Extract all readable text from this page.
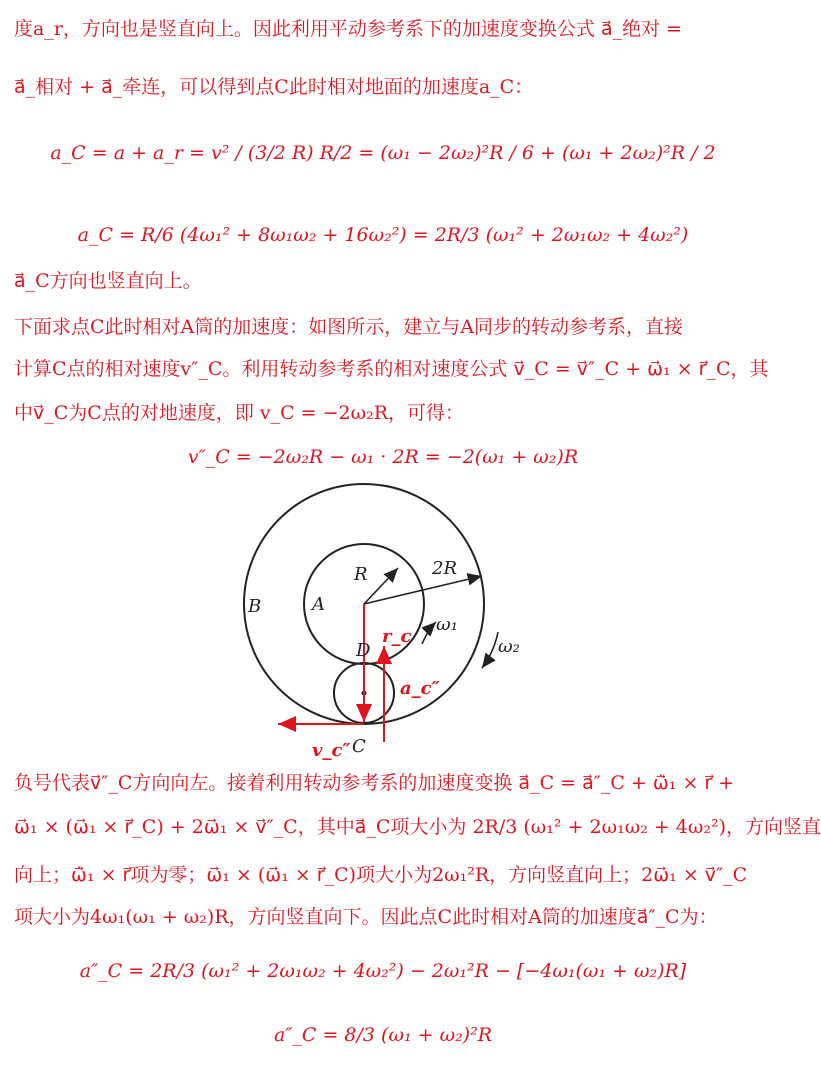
度a_r，方向也是竖直向上。因此利用平动参考系下的加速度变换公式 a⃗_绝对 =
a⃗_相对 + a⃗_牵连，可以得到点C此时相对地面的加速度a_C：
a_C = a + a_r = v² / (3/2 R) R/2 = (ω₁ − 2ω₂)²R / 6 + (ω₁ + 2ω₂)²R / 2
a_C = R/6 (4ω₁² + 8ω₁ω₂ + 16ω₂²) = 2R/3 (ω₁² + 2ω₁ω₂ + 4ω₂²)
a⃗_C方向也竖直向上。
下面求点C此时相对A筒的加速度：如图所示，建立与A同步的转动参考系，直接
计算C点的相对速度v″_C。利用转动参考系的相对速度公式 v⃗_C = v⃗″_C + ω⃗₁ × r⃗_C，其
中v⃗_C为C点的对地速度，即 v_C = −2ω₂R，可得：
v″_C = −2ω₂R − ω₁ · 2R = −2(ω₁ + ω₂)R
R	2R
A
B
D
C
ω₁
ω₂
r_c
a_c″
v_c″
负号代表v⃗″_C方向向左。接着利用转动参考系的加速度变换 a⃗_C = a⃗″_C + ω̇⃗₁ × r⃗ +
ω⃗₁ × (ω⃗₁ × r⃗_C) + 2ω⃗₁ × v⃗″_C，其中a⃗_C项大小为 2R/3 (ω₁² + 2ω₁ω₂ + 4ω₂²)，方向竖直
向上；ω̇⃗₁ × r⃗项为零；ω⃗₁ × (ω⃗₁ × r⃗_C)项大小为2ω₁²R，方向竖直向上；2ω⃗₁ × v⃗″_C
项大小为4ω₁(ω₁ + ω₂)R，方向竖直向下。因此点C此时相对A筒的加速度a⃗″_C为：
a″_C = 2R/3 (ω₁² + 2ω₁ω₂ + 4ω₂²) − 2ω₁²R − [−4ω₁(ω₁ + ω₂)R]
a″_C = 8/3 (ω₁ + ω₂)²R
